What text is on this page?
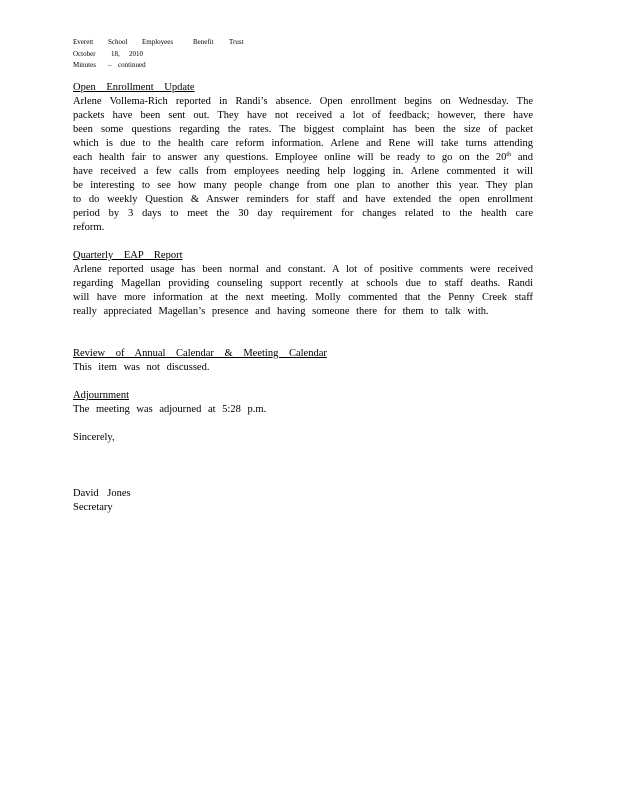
Everett	School	Employees	Benefit	Trust
October	18,	2010
Minutes	– continued
Open Enrollment Update
Arlene Vollema-Rich reported in Randi’s absence. Open enrollment begins on Wednesday. The packets have been sent out. They have not received a lot of feedback; however, there have been some questions regarding the rates. The biggest complaint has been the size of packet which is due to the health care reform information. Arlene and Rene will take turns attending each health fair to answer any questions. Employee online will be ready to go on the 20th and have received a few calls from employees needing help logging in. Arlene commented it will be interesting to see how many people change from one plan to another this year. They plan to do weekly Question & Answer reminders for staff and have extended the open enrollment period by 3 days to meet the 30 day requirement for changes related to the health care reform.
Quarterly EAP Report
Arlene reported usage has been normal and constant. A lot of positive comments were received regarding Magellan providing counseling support recently at schools due to staff deaths. Randi will have more information at the next meeting. Molly commented that the Penny Creek staff really appreciated Magellan’s presence and having someone there for them to talk with.
Review of Annual Calendar & Meeting Calendar
This item was not discussed.
Adjournment
The meeting was adjourned at 5:28 p.m.
Sincerely,
David Jones
Secretary
